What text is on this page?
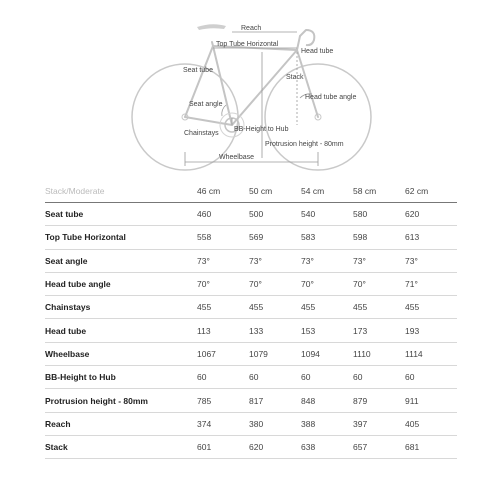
Reach
Top Tube Horizontal
Head tube
Seat tube
Stack
Seat angle
Head tube angle
Chainstays
BB-Height to Hub
Protrusion height - 80mm
Wheelbase
Stack/Moderate	46 cm	50 cm	54 cm	58 cm	62 cm
Seat tube	460	500	540	580	620
Top Tube Horizontal	558	569	583	598	613
Seat angle	73°	73°	73°	73°	73°
Head tube angle	70°	70°	70°	70°	71°
Chainstays	455	455	455	455	455
Head tube	113	133	153	173	193
Wheelbase	1067	1079	1094	1110	1114
BB-Height to Hub	60	60	60	60	60
Protrusion height - 80mm	785	817	848	879	911
Reach	374	380	388	397	405
Stack	601	620	638	657	681
